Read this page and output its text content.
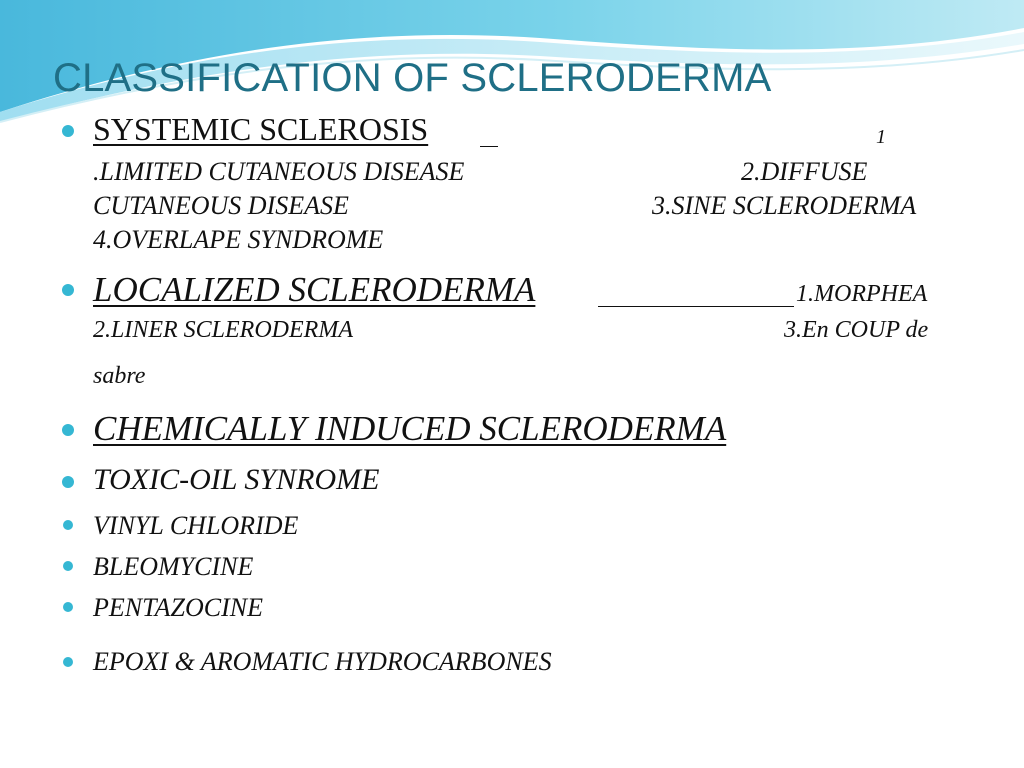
CLASSIFICATION OF SCLERODERMA
SYSTEMIC SCLEROSIS	1
.LIMITED CUTANEOUS DISEASE	2.DIFFUSE
CUTANEOUS DISEASE	3.SINE SCLERODERMA
4.OVERLAPE SYNDROME
LOCALIZED SCLERODERMA	1.MORPHEA
2.LINER SCLERODERMA	3.En COUP de
sabre
CHEMICALLY INDUCED SCLERODERMA
TOXIC-OIL SYNROME
VINYL CHLORIDE
BLEOMYCINE
PENTAZOCINE
EPOXI & AROMATIC HYDROCARBONES
